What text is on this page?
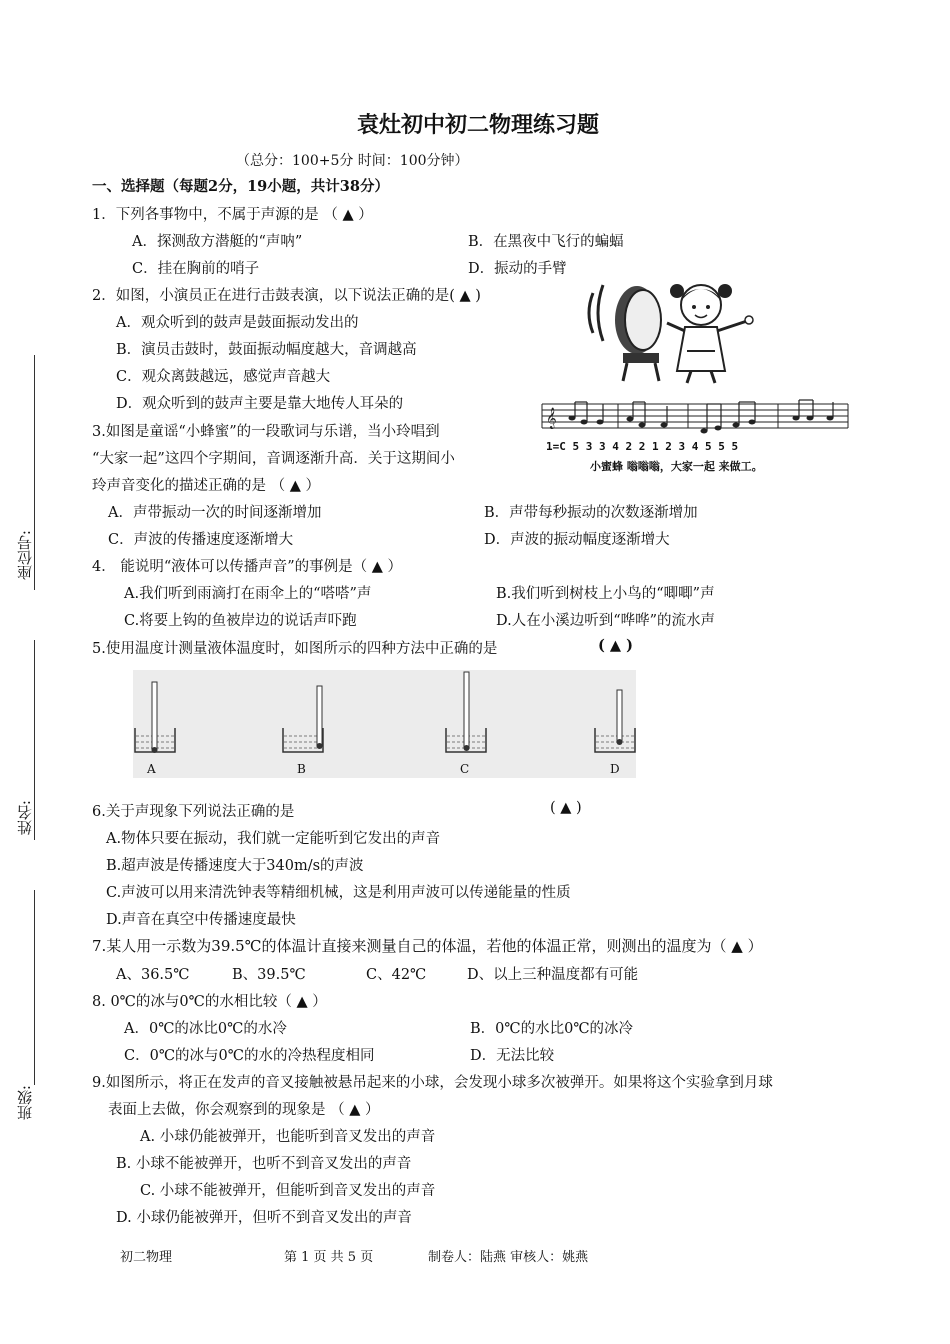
座位号:
姓名:
班级:
袁灶初中初二物理练习题
（总分：100+5分 时间：100分钟）
一、选择题（每题2分，19小题，共计38分）
1．下列各事物中，不属于声源的是 （ ▲ ）
A．探测敌方潜艇的“声呐”	B．在黑夜中飞行的蝙蝠
C．挂在胸前的哨子	D．振动的手臂
2．如图，小演员正在进行击鼓表演，以下说法正确的是( ▲ )
A．观众听到的鼓声是鼓面振动发出的
B．演员击鼓时，鼓面振动幅度越大，音调越高
C．观众离鼓越远，感觉声音越大
D．观众听到的鼓声主要是靠大地传人耳朵的
3.如图是童谣“小蜂蜜”的一段歌词与乐谱，当小玲唱到
“大家一起”这四个字期间，音调逐渐升高．关于这期间小
玲声音变化的描述正确的是 （ ▲ ）
A．声带振动一次的时间逐渐增加	B．声带每秒振动的次数逐渐增加
C．声波的传播速度逐渐增大	D．声波的振动幅度逐渐增大
𝄞
1=C 5 3 3 4 2 2 1 2 3 4 5 5 5
小蜜蜂 嗡嗡嗡，大家一起 来做工。
4． 能说明“液体可以传播声音”的事例是（ ▲ ）
A.我们听到雨滴打在雨伞上的“嗒嗒”声	B.我们听到树枝上小鸟的“唧唧”声
C.将要上钩的鱼被岸边的说话声吓跑	D.人在小溪边听到“哗哗”的流水声
5.使用温度计测量液体温度时，如图所示的四种方法中正确的是	( ▲ )
A	B	C	D
6.关于声现象下列说法正确的是	( ▲ )
A.物体只要在振动，我们就一定能听到它发出的声音
B.超声波是传播速度大于340m/s的声波
C.声波可以用来清洗钟表等精细机械，这是利用声波可以传递能量的性质
D.声音在真空中传播速度最快
7.某人用一示数为39.5℃的体温计直接来测量自己的体温，若他的体温正常，则测出的温度为（ ▲ ）
A、36.5℃	B、39.5℃	C、42℃	D、以上三种温度都有可能
8. 0℃的冰与0℃的水相比较（ ▲ ）
A．0℃的冰比0℃的水冷	B．0℃的水比0℃的冰冷
C．0℃的冰与0℃的水的冷热程度相同	D．无法比较
9.如图所示，将正在发声的音叉接触被悬吊起来的小球，会发现小球多次被弹开。如果将这个实验拿到月球
表面上去做，你会观察到的现象是 （ ▲ ）
A. 小球仍能被弹开，也能听到音叉发出的声音
B. 小球不能被弹开，也听不到音叉发出的声音
C. 小球不能被弹开，但能听到音叉发出的声音
D. 小球仍能被弹开，但听不到音叉发出的声音
初二物理	第 1 页 共 5 页	制卷人：陆燕 审核人：姚燕
